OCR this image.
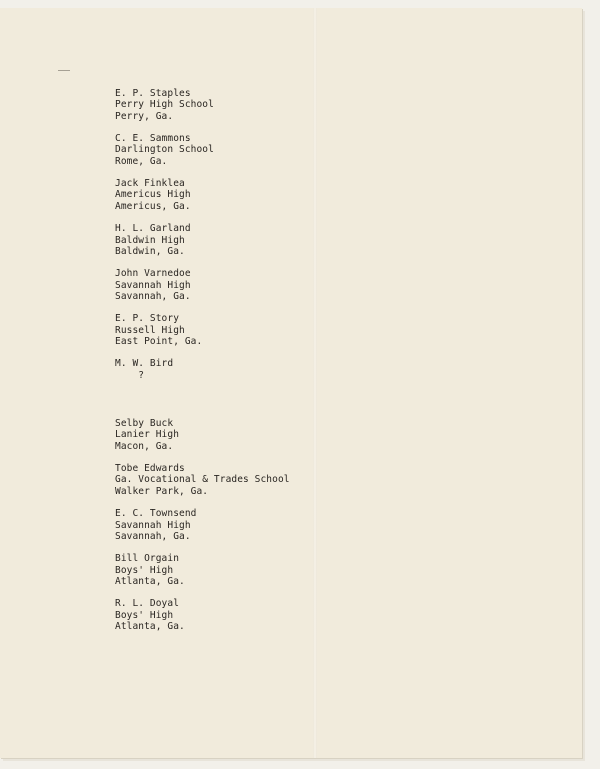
E. P. Staples
Perry High School
Perry, Ga.
C. E. Sammons
Darlington School
Rome, Ga.
Jack Finklea
Americus High
Americus, Ga.
H. L. Garland
Baldwin High
Baldwin, Ga.
John Varnedoe
Savannah High
Savannah, Ga.
E. P. Story
Russell High
East Point, Ga.
M. W. Bird
?
Selby Buck
Lanier High
Macon, Ga.
Tobe Edwards
Ga. Vocational & Trades School
Walker Park, Ga.
E. C. Townsend
Savannah High
Savannah, Ga.
Bill Orgain
Boys' High
Atlanta, Ga.
R. L. Doyal
Boys' High
Atlanta, Ga.
